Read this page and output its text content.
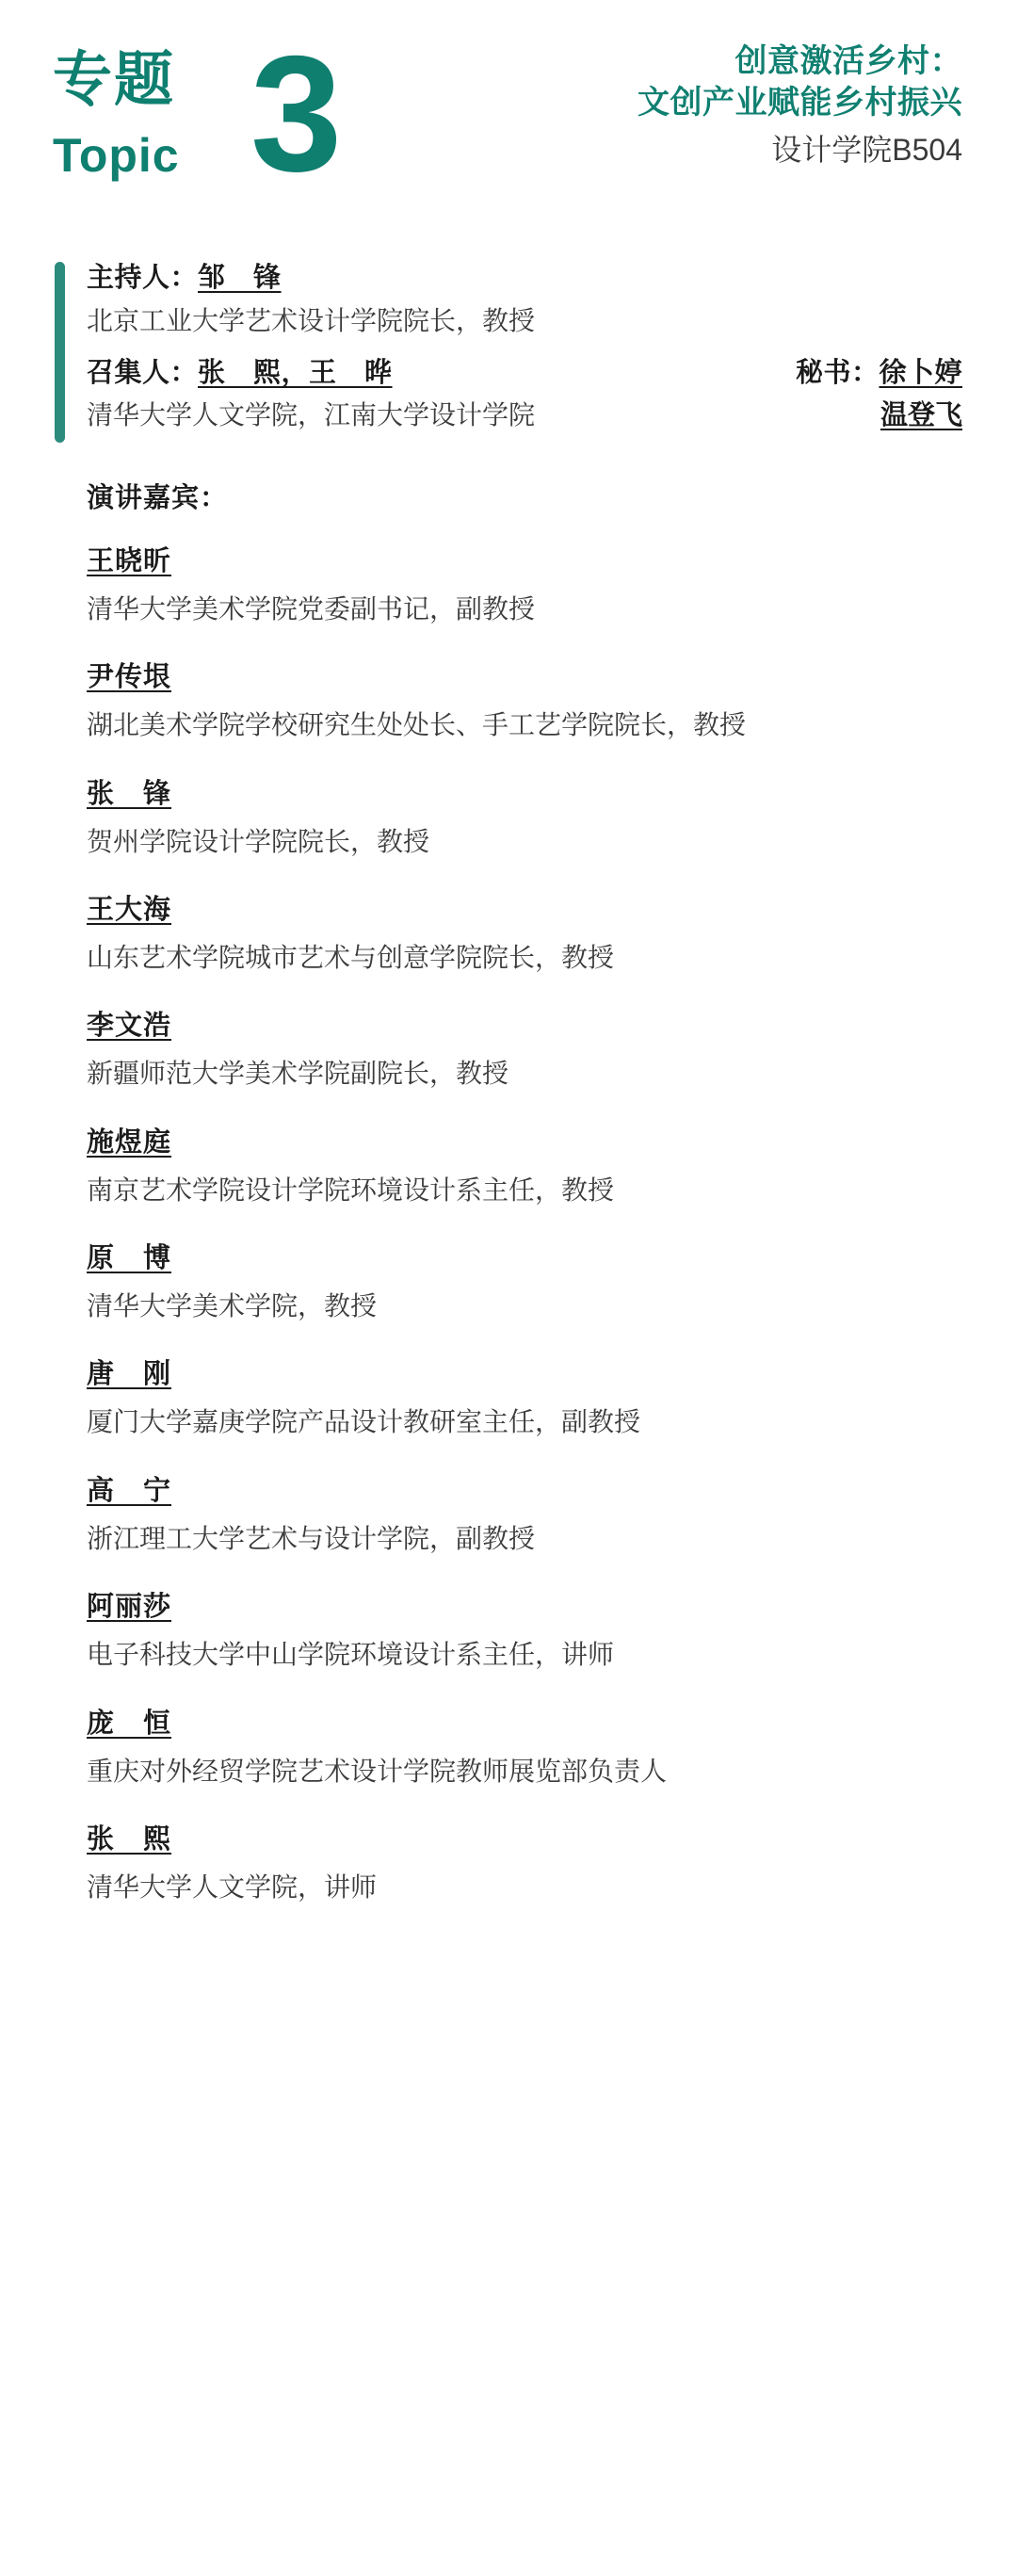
专题
Topic 3	创意激活乡村：
文创产业赋能乡村振兴
设计学院B504
主持人：邹　锋
北京工业大学艺术设计学院院长，教授
召集人：张　熙，王　晔	秘书：徐卜婷
清华大学人文学院，江南大学设计学院	温登飞
演讲嘉宾：
王晓昕
清华大学美术学院党委副书记，副教授
尹传垠
湖北美术学院学校研究生处处长、手工艺学院院长，教授
张　锋
贺州学院设计学院院长，教授
王大海
山东艺术学院城市艺术与创意学院院长，教授
李文浩
新疆师范大学美术学院副院长，教授
施煜庭
南京艺术学院设计学院环境设计系主任，教授
原　博
清华大学美术学院，教授
唐　刚
厦门大学嘉庚学院产品设计教研室主任，副教授
高　宁
浙江理工大学艺术与设计学院，副教授
阿丽莎
电子科技大学中山学院环境设计系主任，讲师
庞　恒
重庆对外经贸学院艺术设计学院教师展览部负责人
张　熙
清华大学人文学院，讲师
